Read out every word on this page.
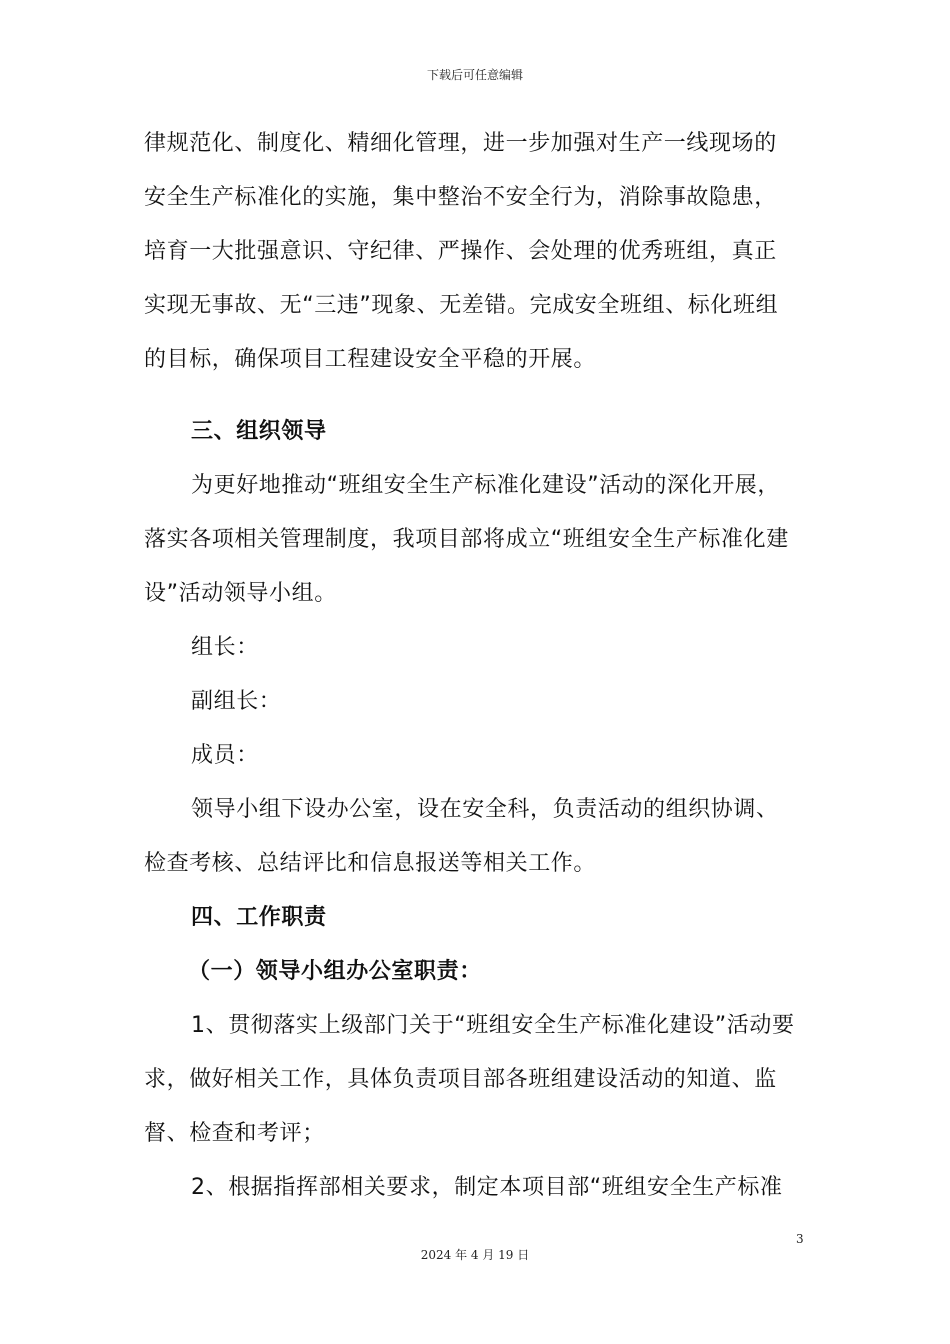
下载后可任意编辑
律规范化、制度化、精细化管理，进一步加强对生产一线现场的
安全生产标准化的实施，集中整治不安全行为，消除事故隐患，
培育一大批强意识、守纪律、严操作、会处理的优秀班组，真正
实现无事故、无“三违”现象、无差错。完成安全班组、标化班组
的目标，确保项目工程建设安全平稳的开展。
三、组织领导
为更好地推动“班组安全生产标准化建设”活动的深化开展，
落实各项相关管理制度，我项目部将成立“班组安全生产标准化建
设”活动领导小组。
组长：
副组长：
成员：
领导小组下设办公室，设在安全科，负责活动的组织协调、
检查考核、总结评比和信息报送等相关工作。
四、工作职责
（一）领导小组办公室职责：
1、贯彻落实上级部门关于“班组安全生产标准化建设”活动要
求，做好相关工作，具体负责项目部各班组建设活动的知道、监
督、检查和考评；
2、根据指挥部相关要求，制定本项目部“班组安全生产标准
3
2024 年 4 月 19 日
